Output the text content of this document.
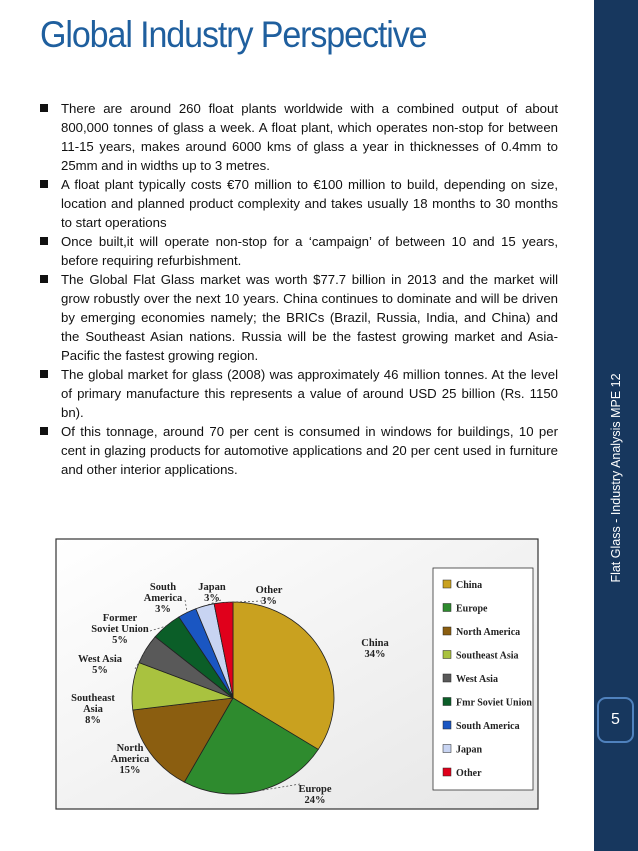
Global Industry Perspective
There are around 260 float plants worldwide with a combined output of about 800,000 tonnes of glass a week. A float plant, which operates non-stop for between 11-15 years, makes around 6000 kms of glass a year in thicknesses of 0.4mm to 25mm and in widths up to 3 metres.
A float plant typically costs €70 million to €100 million to build, depending on size, location and planned product complexity and takes usually 18 months to 30 months to start operations
Once built,it will operate non-stop for a ‘campaign’ of between 10 and 15 years, before requiring refurbishment.
The Global Flat Glass market was worth $77.7 billion in 2013 and the market will grow robustly over the next 10 years. China continues to dominate and will be driven by emerging economies namely; the BRICs (Brazil, Russia, India, and China) and the Southeast Asian nations. Russia will be the fastest growing market and Asia-Pacific the fastest growing region.
The global market for glass (2008) was approximately 46 million tonnes. At the level of primary manufacture this represents a value of around USD 25 billion (Rs. 1150 bn).
Of this tonnage, around 70 per cent is consumed in windows for buildings, 10 per cent in glazing products for automotive applications and 20 per cent used in furniture and other interior applications.	Flat Glass - Industry Analysis MPE 12
5
China
34%
Europe
24%
North
America
15%
Southeast
Asia
8%
West Asia
5%
Former
Soviet Union
5%
South
America
3%
Japan
3%
Other
3%
China
Europe
North America
Southeast Asia
West Asia
Fmr Soviet Union
South America
Japan
Other
